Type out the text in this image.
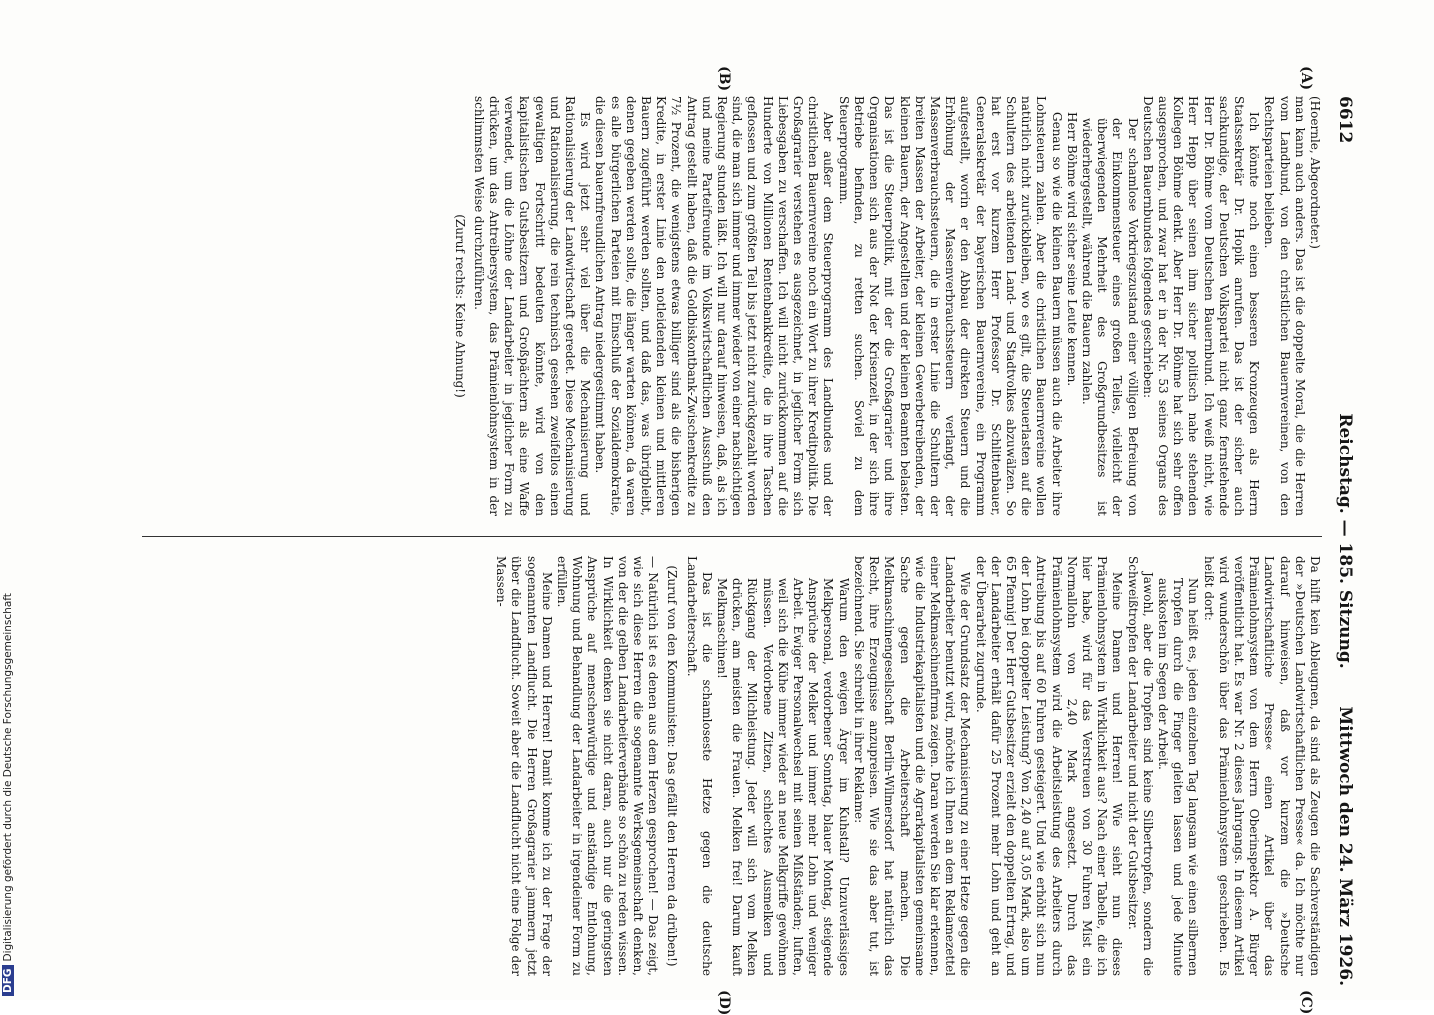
6612
Reichstag. — 185. Sitzung.
Mittwoch den 24. März 1926.

(Hoernle, Abgeordneter.)

man kann auch anders. Das ist die doppelte Moral, die die Herren vom Landbund, von den christlichen Bauernvereinen, von den Rechtsparteien belieben.

Ich könnte noch einen besseren Kronzeugen als Herrn Staatssekretär Dr. Hopik anrufen. Das ist der sicher auch sachkundige, der Deutschen Volkspartei nicht ganz fernstehende Herr Dr. Böhme vom Deutschen Bauernbund. Ich weiß nicht, wie Herr Hepp über seinen ihm sicher politisch nahe stehenden Kollegen Böhme denkt. Aber Herr Dr. Böhme hat sich sehr offen ausgesprochen, und zwar hat er in der Nr. 53 seines Organs des Deutschen Bauernbundes folgendes geschrieben:

Der schamlose Vorkriegszustand einer völligen Befreiung von der Einkommensteuer eines großen Teiles, vielleicht der überwiegenden Mehrheit des Großgrundbesitzes ist wiederhergestellt, während die Bauern zahlen.

Herr Böhme wird sicher seine Leute kennen.

Genau so wie die kleinen Bauern müssen auch die Arbeiter ihre Lohnsteuern zahlen. Aber die christlichen Bauernvereine wollen natürlich nicht zurückbleiben, wo es gilt, die Steuerlasten auf die Schultern des arbeitenden Land- und Stadtvolkes abzuwälzen. So hat erst vor kurzem Herr Professor Dr. Schlittenbauer, Generalsekretär der bayerischen Bauernvereine, ein Programm aufgestellt, worin er den Abbau der direkten Steuern und die Erhöhung der Massenverbrauchssteuern verlangt, der Massenverbrauchssteuern, die in erster Linie die Schultern der breiten Massen der Arbeiter, der kleinen Gewerbetreibenden, der kleinen Bauern, der Angestellten und der kleinen Beamten belasten. Das ist die Steuerpolitik, mit der die Großagrarier und ihre Organisationen sich aus der Not der Krisenzeit, in der sich ihre Betriebe befinden, zu retten suchen. Soviel zu dem Steuerprogramm.

Aber außer dem Steuerprogramm des Landbundes und der christlichen Bauernvereine noch ein Wort zu ihrer Kreditpolitik. Die Großagrarier verstehen es ausgezeichnet, in jeglicher Form sich Liebesgaben zu verschaffen. Ich will nicht zurückkommen auf die Hunderte von Millionen Rentenbankkredite, die in ihre Taschen geflossen und zum größten Teil bis jetzt nicht zurückgezahlt worden sind, die man sich immer und immer wieder von einer nachsichtigen Regierung stunden läßt. Ich will nur darauf hinweisen, daß, als ich und meine Parteifreunde im Volkswirtschaftlichen Ausschuß den Antrag gestellt haben, daß die Goldbiskontbank-Zwischenkredite zu 7½ Prozent, die wenigstens etwas billiger sind als die bisherigen Kredite, in erster Linie den notleidenden kleinen und mittleren Bauern zugeführt werden sollten, und daß das, was übrigbleibt, denen gegeben werden sollte, die länger warten können, da waren es alle bürgerlichen Parteien mit Einschluß der Sozialdemokratie, die diesen bauernfreundlichen Antrag niedergestimmt haben.

Es wird jetzt sehr viel über die Mechanisierung und Rationalisierung der Landwirtschaft geredet. Diese Mechanisierung und Rationalisierung, die rein technisch gesehen zweifellos einen gewaltigen Fortschritt bedeuten könnte, wird von den kapitalistischen Gutsbesitzern und Großpächtern als eine Waffe verwendet, um die Löhne der Landarbeiter in jeglicher Form zu drücken, um das Antreibersystem, das Prämienlohnsystem in der schlimmsten Weise durchzuführen.

(Zuruf rechts: Keine Ahnung!)

Da hilft kein Ableugnen, da sind als Zeugen die Sachverständigen der »Deutschen Landwirtschaftlichen Presse« da. Ich möchte nur darauf hinweisen, daß vor kurzem die »Deutsche Landwirtschaftliche Presse« einen Artikel über das Prämienlohnsystem von dem Herrn Oberinspektor A. Bürger veröffentlicht hat. Es war Nr. 2 dieses Jahrgangs. In diesem Artikel wird wunderschön über das Prämienlohnsystem geschrieben. Es heißt dort:

Nun heißt es, jeden einzelnen Tag langsam wie einen silbernen Tropfen durch die Finger gleiten lassen und jede Minute auskosten im Segen der Arbeit.

Jawohl, aber die Tropfen sind keine Silbertropfen, sondern die Schweißtropfen der Landarbeiter und nicht der Gutsbesitzer.

Meine Damen und Herren! Wie sieht nun dieses Prämienlohnsystem in Wirklichkeit aus? Nach einer Tabelle, die ich hier habe, wird für das Verstreuen von 30 Fuhren Mist ein Normallohn von 2,40 Mark angesetzt. Durch das Prämienlohnsystem wird die Arbeitsleistung des Arbeiters durch Antreibung bis auf 60 Fuhren gesteigert. Und wie erhöht sich nun der Lohn bei doppelter Leistung? Von 2,40 auf 3,05 Mark, also um 65 Pfennig! Der Herr Gutsbesitzer erzielt den doppelten Ertrag, und der Landarbeiter erhält dafür 25 Prozent mehr Lohn und geht an der Überarbeit zugrunde.

Wie der Grundsatz der Mechanisierung zu einer Hetze gegen die Landarbeiter benutzt wird, möchte ich Ihnen an dem Reklamezettel einer Melkmaschinenfirma zeigen. Daran werden Sie klar erkennen, wie die Industriekapitalisten und die Agrarkapitalisten gemeinsame Sache gegen die Arbeiterschaft machen. Die Melkmaschinengesellschaft Berlin-Wilmersdorf hat natürlich das Recht, ihre Erzeugnisse anzupreisen. Wie sie das aber tut, ist bezeichnend. Sie schreibt in ihrer Reklame:

Warum den ewigen Ärger im Kuhstall? Unzuverlässiges Melkpersonal, verdorbener Sonntag, blauer Montag, steigende Ansprüche der Melker und immer mehr Lohn und weniger Arbeit. Ewiger Personalwechsel mit seinen Mißständen; luften, weil sich die Kühe immer wieder an neue Melkgriffe gewöhnen müssen. Verdorbene Zitzen, schlechtes Ausmelken und Rückgang der Milchleistung. Jeder will sich vom Melken drücken, am meisten die Frauen. Melken frei! Darum kauft Melkmaschinen!

Das ist die schamloseste Hetze gegen die deutsche Landarbeiterschaft.

(Zuruf von den Kommunisten: Das gefällt den Herren da drüben!)

— Natürlich ist es denen aus dem Herzen gesprochen! — Das zeigt, wie sich diese Herren die sogenannte Werksgemeinschaft denken, von der die gelben Landarbeiterverbände so schön zu reden wissen. In Wirklichkeit denken sie nicht daran, auch nur die geringsten Ansprüche auf menschenwürdige und anständige Entlohnung, Wohnung und Behandlung der Landarbeiter in irgendeiner Form zu erfüllen.

Meine Damen und Herren! Damit komme ich zu der Frage der sogenannten Landflucht. Die Herren Großagrarier jammern jetzt über die Landflucht. Soweit aber die Landflucht nicht eine Folge der Massen-

(A)
(B)
(C)
(D)
DFGDigitalisierung gefördert durch die Deutsche Forschungsgemeinschaft
